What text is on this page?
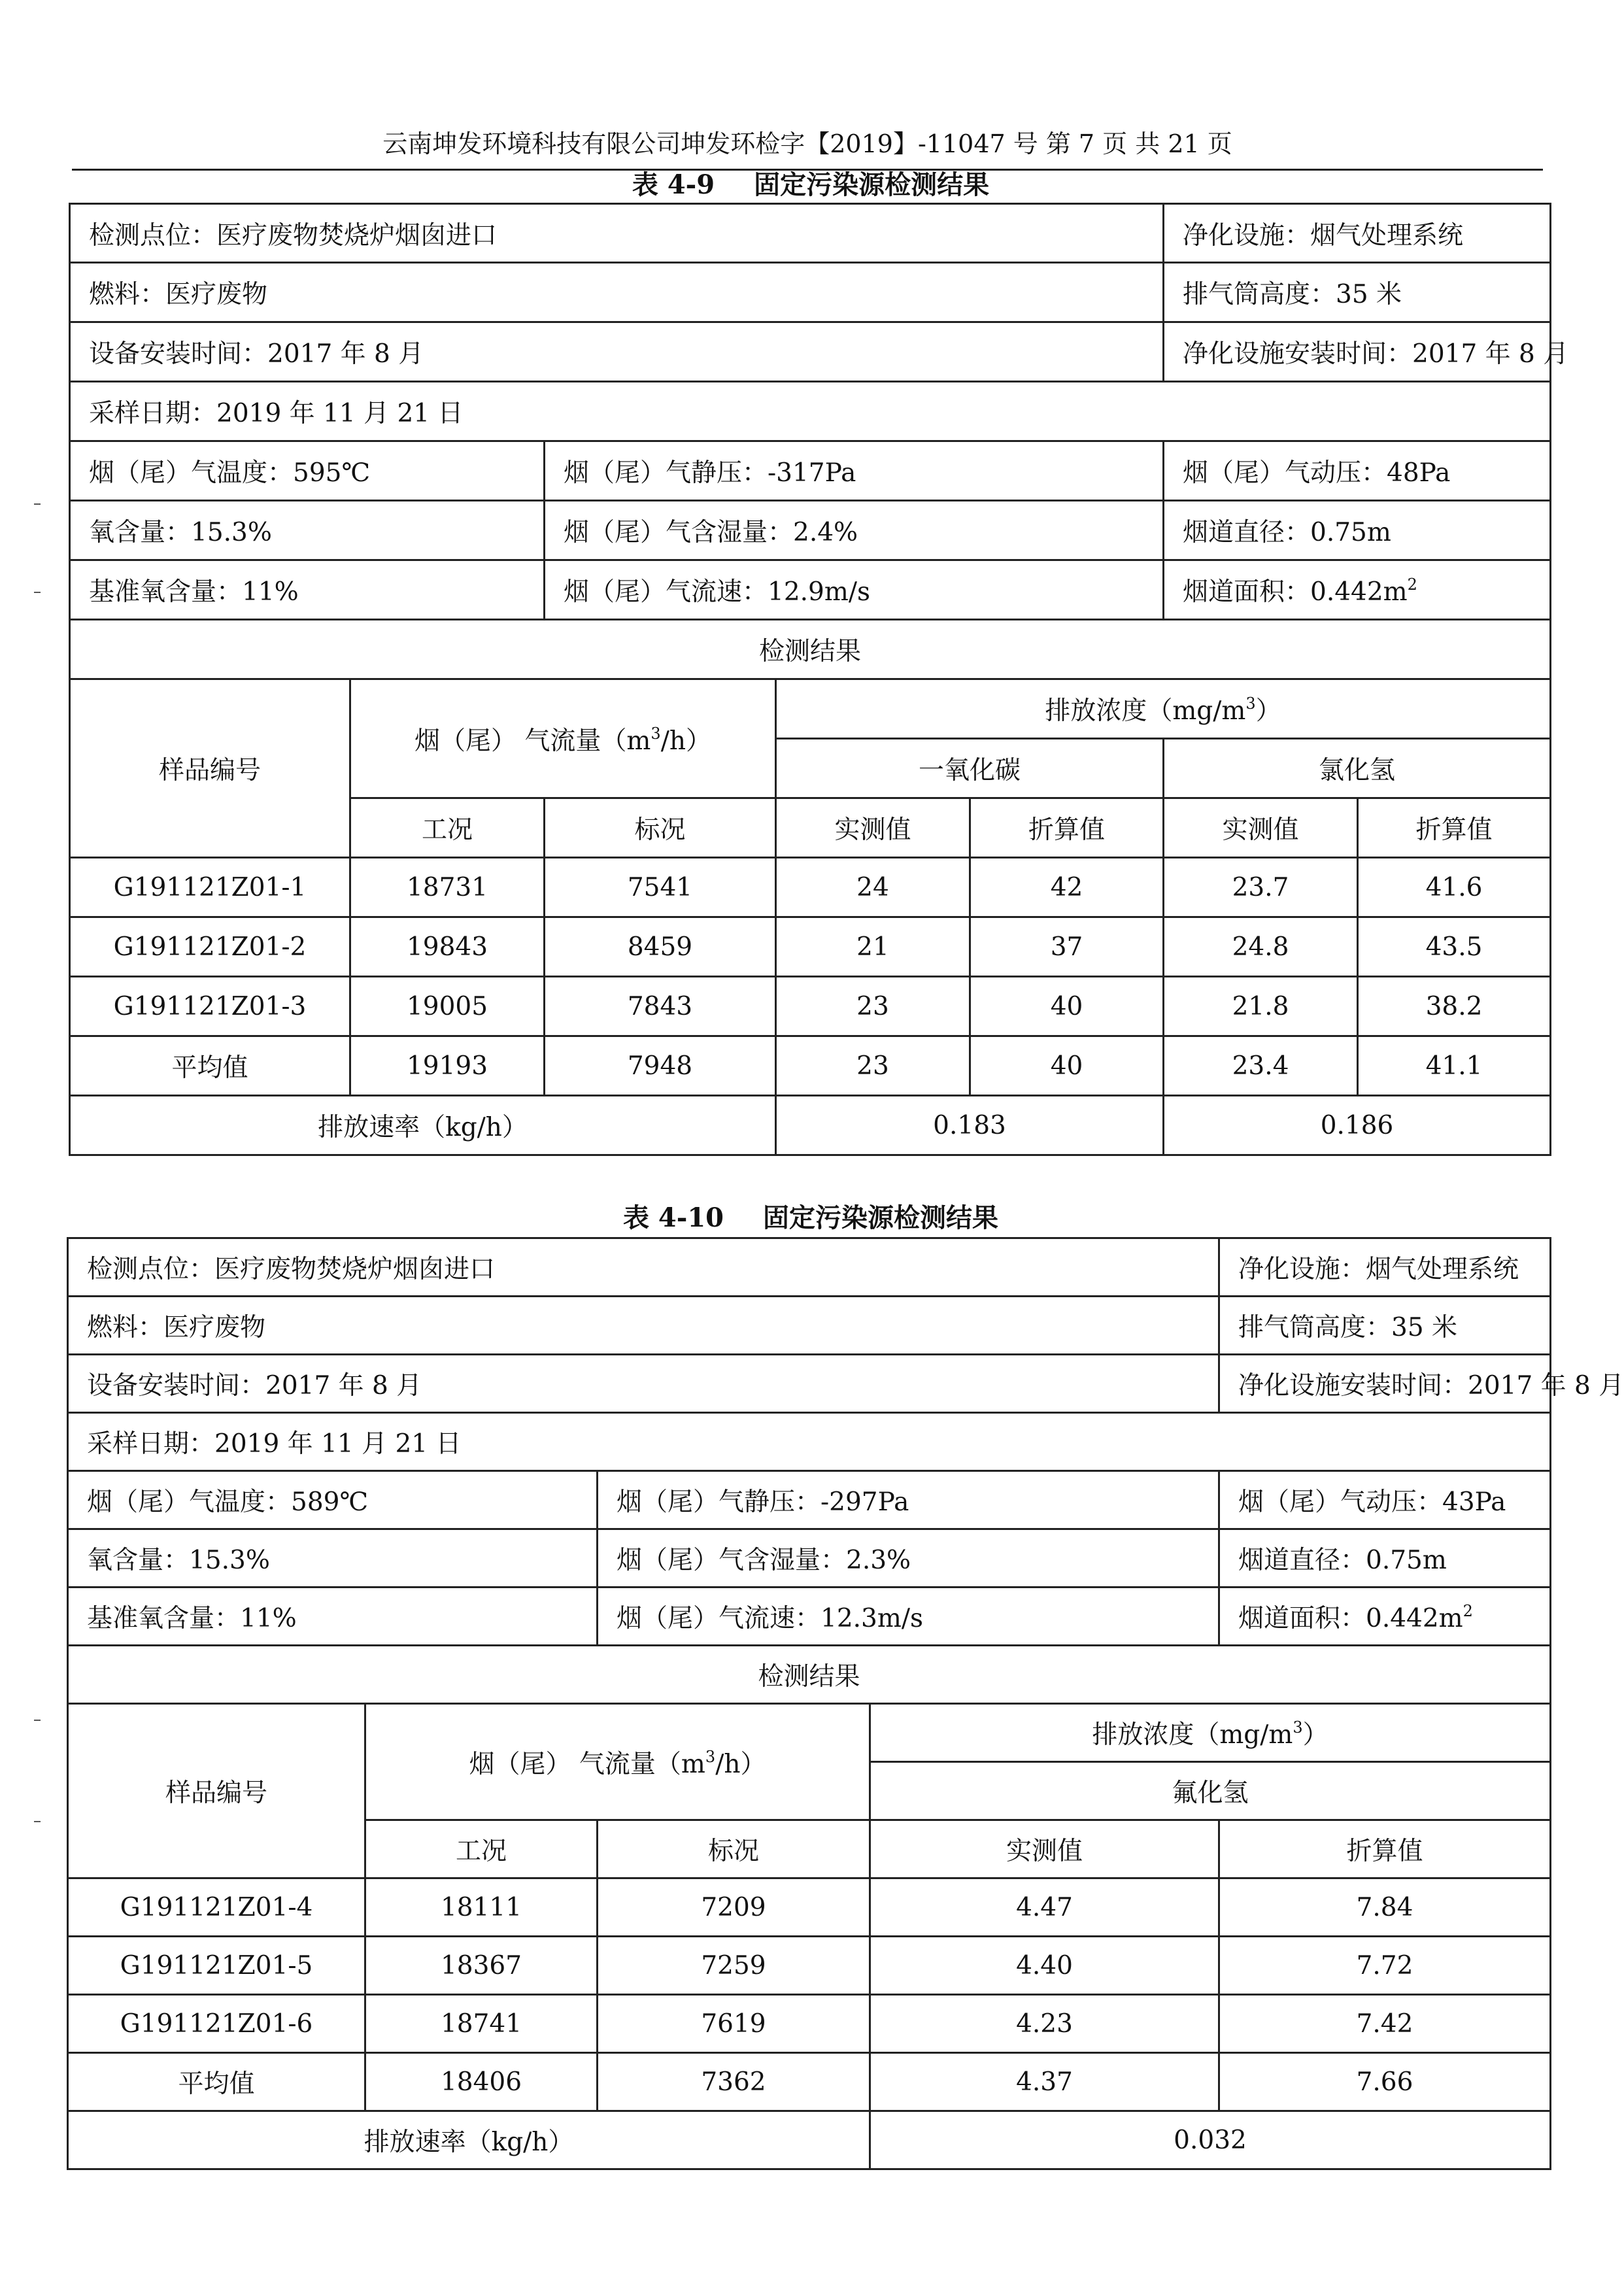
云南坤发环境科技有限公司坤发环检字【2019】-11047 号 第 7 页 共 21 页
表 4-9 固定污染源检测结果
检测点位：医疗废物焚烧炉烟囱进口					净化设施：烟气处理系统	
燃料：医疗废物					排气筒高度：35 米	
设备安装时间：2017 年 8 月					净化设施安装时间：2017 年 8 月	
采样日期：2019 年 11 月 21 日						
烟（尾）气温度：595℃		烟（尾）气静压：-317Pa			烟（尾）气动压：48Pa	
氧含量：15.3%		烟（尾）气含湿量：2.4%			烟道直径：0.75m	
基准氧含量：11%		烟（尾）气流速：12.9m/s			烟道面积：$0.442m^2$
检测结果						
样品编号	烟（尾） 气流量$(m^3/h)$		排放浓度$(mg/m^3)$			
			一氧化碳		氯化氢	
	工况	标况	实测值	折算值	实测值	折算值
G191121Z01-1	18731	7541	24	42	23.7	41.6
G191121Z01-2	19843	8459	21	37	24.8	43.5
G191121Z01-3	19005	7843	23	40	21.8	38.2
平均值	19193	7948	23	40	23.4	41.1
排放速率（kg/h）			0.183		0.186	
表 4-10 固定污染源检测结果
检测点位：医疗废物焚烧炉烟囱进口				净化设施：烟气处理系统
燃料：医疗废物				排气筒高度：35 米
设备安装时间：2017 年 8 月				净化设施安装时间：2017 年 8 月
采样日期：2019 年 11 月 21 日				
烟（尾）气温度：589℃		烟（尾）气静压：-297Pa		烟（尾）气动压：43Pa
氧含量：15.3%		烟（尾）气含湿量：2.3%		烟道直径：0.75m
基准氧含量：11%		烟（尾）气流速：12.3m/s		烟道面积：$0.442m^2$
检测结果				
样品编号	烟（尾） 气流量$(m^3/h)$		排放浓度$(mg/m^3)$	
			氟化氢	
	工况	标况	实测值	折算值
G191121Z01-4	18111	7209	4.47	7.84
G191121Z01-5	18367	7259	4.40	7.72
G191121Z01-6	18741	7619	4.23	7.42
平均值	18406	7362	4.37	7.66
排放速率（kg/h）			0.032	
